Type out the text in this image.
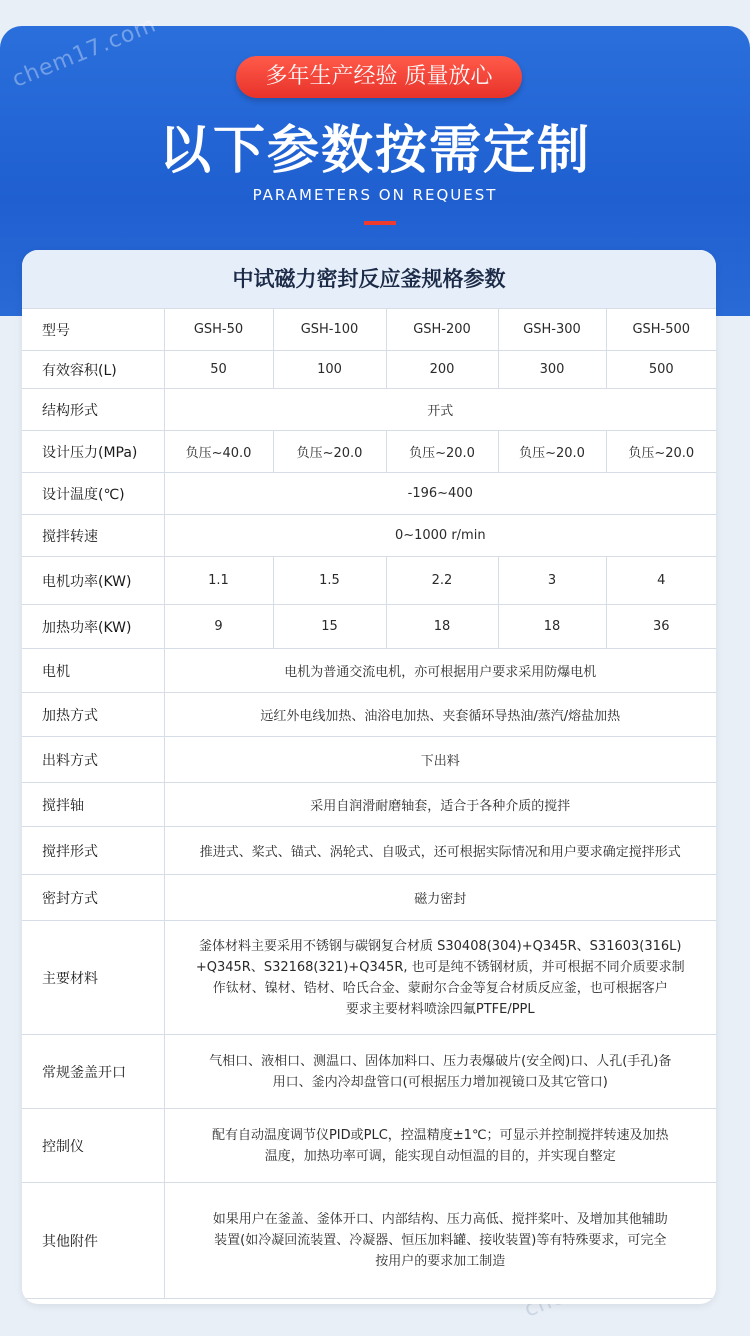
chem17.com	多年生产经验 质量放心
以下参数按需定制
PARAMETERS ON REQUEST
中试磁力密封反应釜规格参数
型号	GSH-50	GSH-100	GSH-200	GSH-300	GSH-500
有效容积(L)	50	100	200	300	500
结构形式	开式				
设计压力(MPa)	负压~40.0	负压~20.0	负压~20.0	负压~20.0	负压~20.0
设计温度(℃)	-196~400				
搅拌转速	0~1000 r/min				
电机功率(KW)	1.1	1.5	2.2	3	4
加热功率(KW)	9	15	18	18	36
电机	电机为普通交流电机，亦可根据用户要求采用防爆电机				
加热方式	远红外电线加热、油浴电加热、夹套循环导热油/蒸汽/熔盐加热				
出料方式	下出料				
搅拌轴	采用自润滑耐磨轴套，适合于各种介质的搅拌				
搅拌形式	推进式、桨式、锚式、涡轮式、自吸式，还可根据实际情况和用户要求确定搅拌形式				
密封方式	磁力密封				
主要材料	釜体材料主要采用不锈钢与碳钢复合材质 S30408(304)+Q345R、S31603(316L)
+Q345R、S32168(321)+Q345R, 也可是纯不锈钢材质，并可根据不同介质要求制
作钛材、镍材、锆材、哈氏合金、蒙耐尔合金等复合材质反应釜，也可根据客户
要求主要材料喷涂四氟PTFE/PPL				

常规釜盖开口	气相口、液相口、测温口、固体加料口、压力表爆破片(安全阀)口、人孔(手孔)备
用口、釜内冷却盘管口(可根据压力增加视镜口及其它管口)				

控制仪	配有自动温度调节仪PID或PLC，控温精度±1℃；可显示并控制搅拌转速及加热
温度，加热功率可调，能实现自动恒温的目的，并实现自整定				

其他附件	如果用户在釜盖、釜体开口、内部结构、压力高低、搅拌桨叶、及增加其他辅助
装置(如冷凝回流装置、冷凝器、恒压加料罐、接收装置)等有特殊要求，可完全
按用户的要求加工制造				
